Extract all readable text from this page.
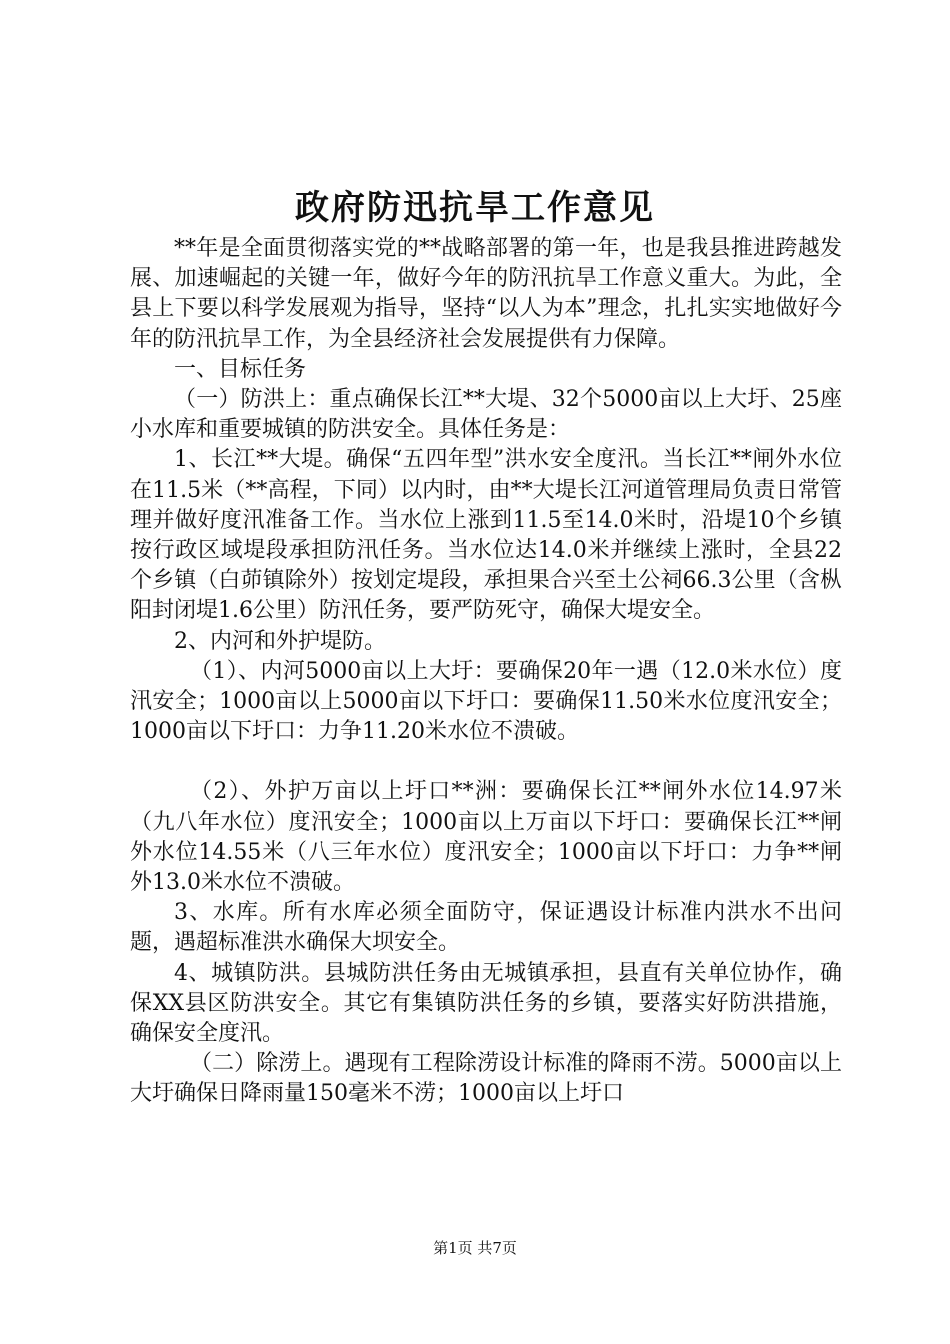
政府防迅抗旱工作意见

**年是全面贯彻落实党的**战略部署的第一年，也是我县推进跨越发展、加速崛起的关键一年，做好今年的防汛抗旱工作意义重大。为此，全县上下要以科学发展观为指导，坚持“以人为本”理念，扎扎实实地做好今年的防汛抗旱工作，为全县经济社会发展提供有力保障。

一、目标任务

（一）防洪上：重点确保长江**大堤、32个5000亩以上大圩、25座小水库和重要城镇的防洪安全。具体任务是：

1、长江**大堤。确保“五四年型”洪水安全度汛。当长江**闸外水位在11.5米（**高程，下同）以内时，由**大堤长江河道管理局负责日常管理并做好度汛准备工作。当水位上涨到11.5至14.0米时，沿堤10个乡镇按行政区域堤段承担防汛任务。当水位达14.0米并继续上涨时，全县22个乡镇（白茆镇除外）按划定堤段，承担果合兴至土公祠66.3公里（含枞阳封闭堤1.6公里）防汛任务，要严防死守，确保大堤安全。

2、内河和外护堤防。

（1）、内河5000亩以上大圩：要确保20年一遇（12.0米水位）度汛安全；1000亩以上5000亩以下圩口：要确保11.50米水位度汛安全；1000亩以下圩口：力争11.20米水位不溃破。

（2）、外护万亩以上圩口**洲：要确保长江**闸外水位14.97米（九八年水位）度汛安全；1000亩以上万亩以下圩口：要确保长江**闸外水位14.55米（八三年水位）度汛安全；1000亩以下圩口：力争**闸外13.0米水位不溃破。

3、水库。所有水库必须全面防守，保证遇设计标准内洪水不出问题，遇超标准洪水确保大坝安全。

4、城镇防洪。县城防洪任务由无城镇承担，县直有关单位协作，确保XX县区防洪安全。其它有集镇防洪任务的乡镇，要落实好防洪措施，确保安全度汛。

（二）除涝上。遇现有工程除涝设计标准的降雨不涝。5000亩以上大圩确保日降雨量150毫米不涝；1000亩以上圩口

第1页 共7页
